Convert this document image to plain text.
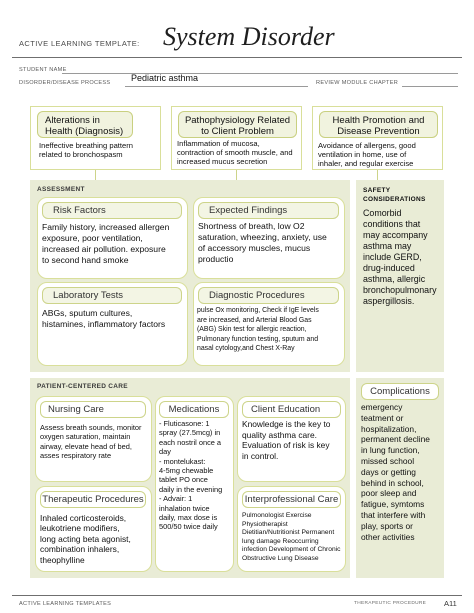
ACTIVE LEARNING TEMPLATE: System Disorder
STUDENT NAME
DISORDER/DISEASE PROCESS Pediatric asthma	REVIEW MODULE CHAPTER
Alterations in
Health (Diagnosis)
Ineffective breathing pattern
related to bronchospasm
Pathophysiology Related
to Client Problem
Inflammation of mucosa,
contraction of smooth muscle, and
increased mucus secretion
Health Promotion and
Disease Prevention
Avoidance of allergens, good
ventilation in home, use of
inhaler, and regular exercise
ASSESSMENT
Risk Factors
Family history, increased allergen
exposure, poor ventilation,
increased air pollution. exposure
to second hand smoke
Expected Findings
Shortness of breath, low O2
saturation, wheezing, anxiety, use
of accessory muscles, mucus
productio
Laboratory Tests
ABGs, sputum cultures,
histamines, inflammatory factors
Diagnostic Procedures
pulse Ox monitoring, Check if IgE levels
are increased, and Arterial Blood Gas
(ABG) Skin test for allergic reaction,
Pulmonary function testing, sputum and
nasal cytology,and Chest X-Ray
SAFETY
CONSIDERATIONS
Comorbid
conditions that
may accompany
asthma may
include GERD,
drug-induced
asthma, allergic
bronchopulmonary
aspergillosis.
PATIENT-CENTERED CARE
Nursing Care
Assess breath sounds, monitor
oxygen saturation, maintain
airway, elevate head of bed,
asses respiratory rate
Medications
- Fluticasone: 1
spray (27.5mcg) in
each nostril once a
day
- montelukast:
4-5mg chewable
tablet PO once
daily in the evening
- Advair: 1
inhalation twice
daily, max dose is
500/50 twice daily
Client Education
Knowledge is the key to
quality asthma care.
Evaluation of risk is key
in control.
Therapeutic Procedures
Inhaled corticosteroids,
leukotriene modifiers,
long acting beta agonist,
combination inhalers,
theophylline
Interprofessional Care
Pulmonologist Exercise
Physiotherapist
Dietitian/Nutritionist Permanent
lung damage Reoccurring
infection Development of Chronic
Obstructive Lung Disease
Complications
emergency
teatment or
hospitalization,
permanent decline
in lung function,
missed school
days or getting
behind in school,
poor sleep and
fatigue, symtoms
that interfere with
play, sports or
other activities
ACTIVE LEARNING TEMPLATES	THERAPEUTIC PROCEDURE A11
